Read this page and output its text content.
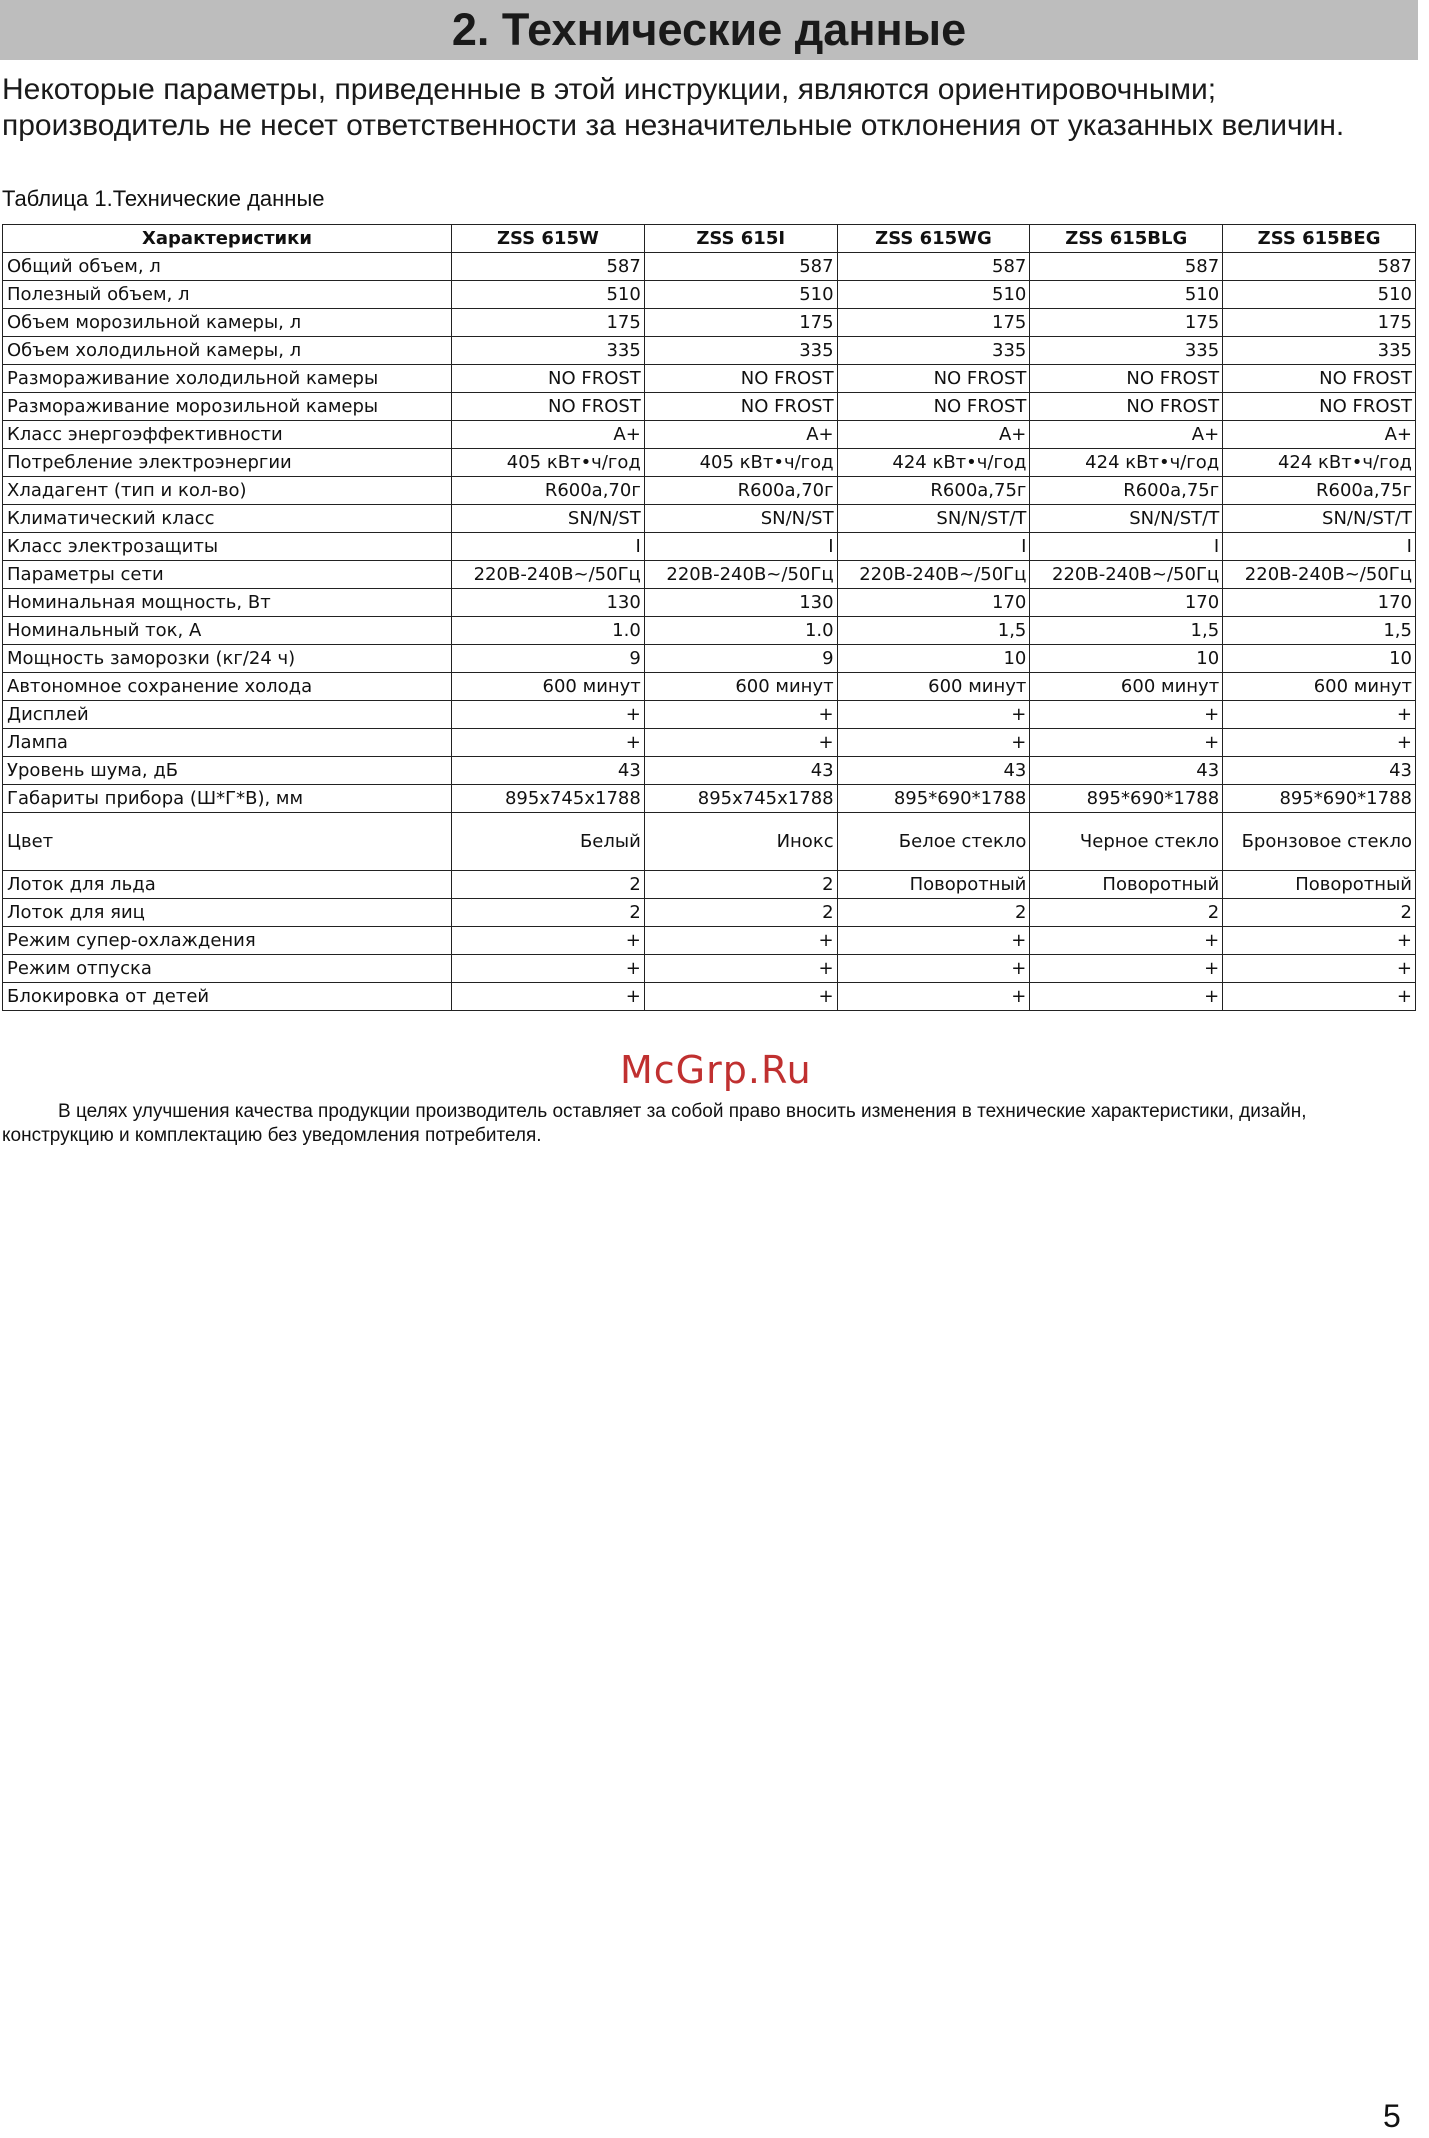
2. Технические данные

Некоторые параметры, приведенные в этой инструкции, являются ориентировочными; производитель не несет ответственности за незначительные отклонения от указанных величин.

Таблица 1.Технические данные

Характеристики	ZSS 615W	ZSS 615I	ZSS 615WG	ZSS 615BLG	ZSS 615BEG
Общий объем, л	587	587	587	587	587
Полезный объем, л	510	510	510	510	510
Объем морозильной камеры, л	175	175	175	175	175
Объем холодильной камеры, л	335	335	335	335	335
Размораживание холодильной камеры	NO FROST	NO FROST	NO FROST	NO FROST	NO FROST
Размораживание морозильной камеры	NO FROST	NO FROST	NO FROST	NO FROST	NO FROST
Класс энергоэффективности	A+	A+	A+	A+	A+
Потребление электроэнергии	405 кВт•ч/год	405 кВт•ч/год	424 кВт•ч/год	424 кВт•ч/год	424 кВт•ч/год
Хладагент (тип и кол-во)	R600a,70г	R600a,70г	R600a,75г	R600a,75г	R600a,75г
Климатический класс	SN/N/ST	SN/N/ST	SN/N/ST/T	SN/N/ST/T	SN/N/ST/T
Класс электрозащиты	I	I	I	I	I
Параметры сети	220В-240В~/50Гц	220В-240В~/50Гц	220В-240В~/50Гц	220В-240В~/50Гц	220В-240В~/50Гц
Номинальная мощность, Вт	130	130	170	170	170
Номинальный ток, А	1.0	1.0	1,5	1,5	1,5
Мощность заморозки (кг/24 ч)	9	9	10	10	10
Автономное сохранение холода	600 минут	600 минут	600 минут	600 минут	600 минут
Дисплей	+	+	+	+	+
Лампа	+	+	+	+	+
Уровень шума, дБ	43	43	43	43	43
Габариты прибора (Ш*Г*В), мм	895x745x1788	895x745x1788	895*690*1788	895*690*1788	895*690*1788
Цвет	Белый	Инокс	Белое стекло	Черное стекло	Бронзовое стекло
Лоток для льда	2	2	Поворотный	Поворотный	Поворотный
Лоток для яиц	2	2	2	2	2
Режим супер-охлаждения	+	+	+	+	+
Режим отпуска	+	+	+	+	+
Блокировка от детей	+	+	+	+	+
McGrp.Ru

В целях улучшения качества продукции производитель оставляет за собой право вносить изменения в технические характеристики, дизайн, конструкцию и комплектацию без уведомления потребителя.

5
